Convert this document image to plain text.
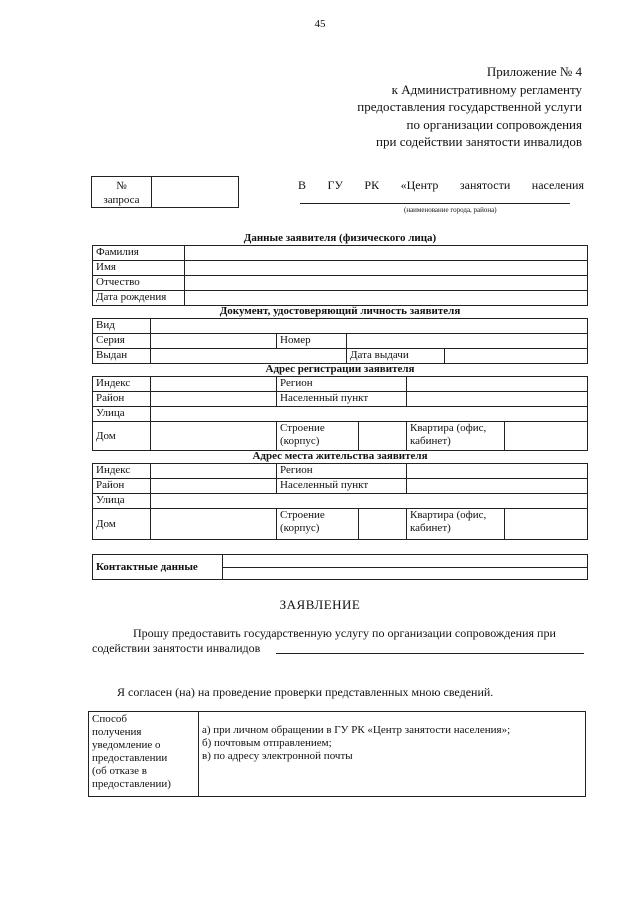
45
Приложение № 4
к Административному регламенту
предоставления государственной услуги
по организации сопровождения
при содействии занятости инвалидов
№
запроса

В ГУ РК «Центр занятости населения
(наименование города, района)
Данные заявителя (физического лица)
Фамилия	
Имя	
Отчество	
Дата рождения	
Документ, удостоверяющий личность заявителя
Вид				
Серия		Номер		
Выдан			Дата выдачи	
Адрес регистрации заявителя
Индекс		Регион		
Район		Населенный пункт		
Улица				
Дом		Строение (корпус)	Квартира (офис, кабинет)	
Адрес места жительства заявителя
Индекс		Регион		
Район		Населенный пункт		
Улица				
Дом		Строение (корпус)	Квартира (офис, кабинет)	
Контактные данные	
ЗАЯВЛЕНИЕ
Прошу предоставить государственную услугу по организации сопровождения при
содействии занятости инвалидов
Я согласен (на) на проведение проверки представленных мною сведений.
Способ
получения
уведомление о
предоставлении
(об отказе в
предоставлении)

а) при личном обращении в ГУ РК «Центр занятости населения»;
б) почтовым отправлением;
в) по адресу электронной почты
